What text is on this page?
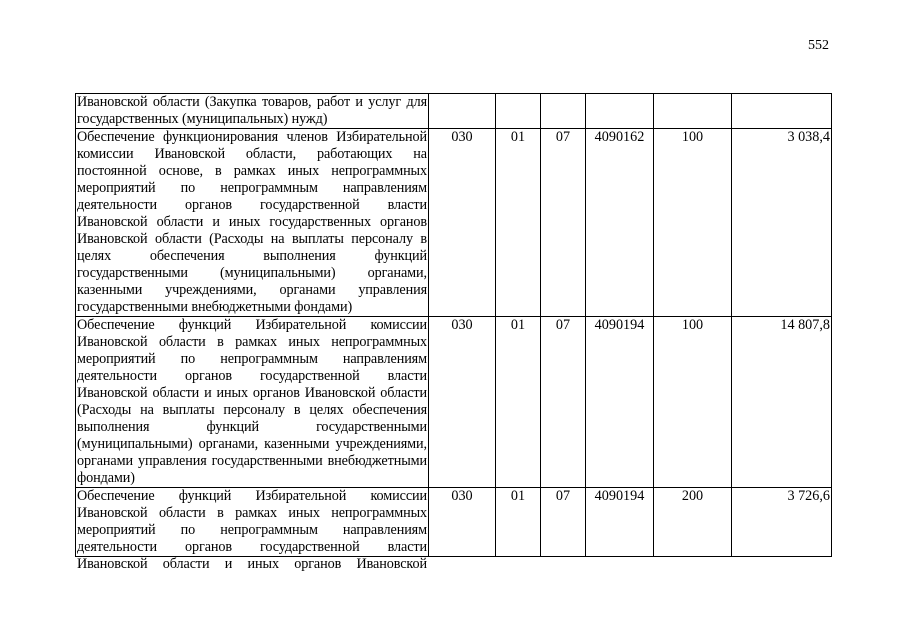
552
Ивановской области (Закупка товаров, работ и услуг для государственных (муниципальных) нужд)						
Обеспечение функционирования членов Избирательной комиссии Ивановской области, работающих на постоянной основе, в рамках иных непрограммных мероприятий по непрограммным направлениям деятельности органов государственной власти Ивановской области и иных государственных органов Ивановской области (Расходы на выплаты персоналу в целях обеспечения выполнения функций государственными (муниципальными) органами, казенными учреждениями, органами управления государственными внебюджетными фондами)	030	01	07	4090162	100	3 038,4
Обеспечение функций Избирательной комиссии Ивановской области в рамках иных непрограммных мероприятий по непрограммным направлениям деятельности органов государственной власти Ивановской области и иных органов Ивановской области (Расходы на выплаты персоналу в целях обеспечения выполнения функций государственными (муниципальными) органами, казенными учреждениями, органами управления государственными внебюджетными фондами)	030	01	07	4090194	100	14 807,8

Обеспечение функций Избирательной комиссии Ивановской области в рамках иных непрограммных мероприятий по непрограммным направлениям деятельности органов государственной власти Ивановской области и иных органов Ивановской	030	01	07	4090194	200	3 726,6
